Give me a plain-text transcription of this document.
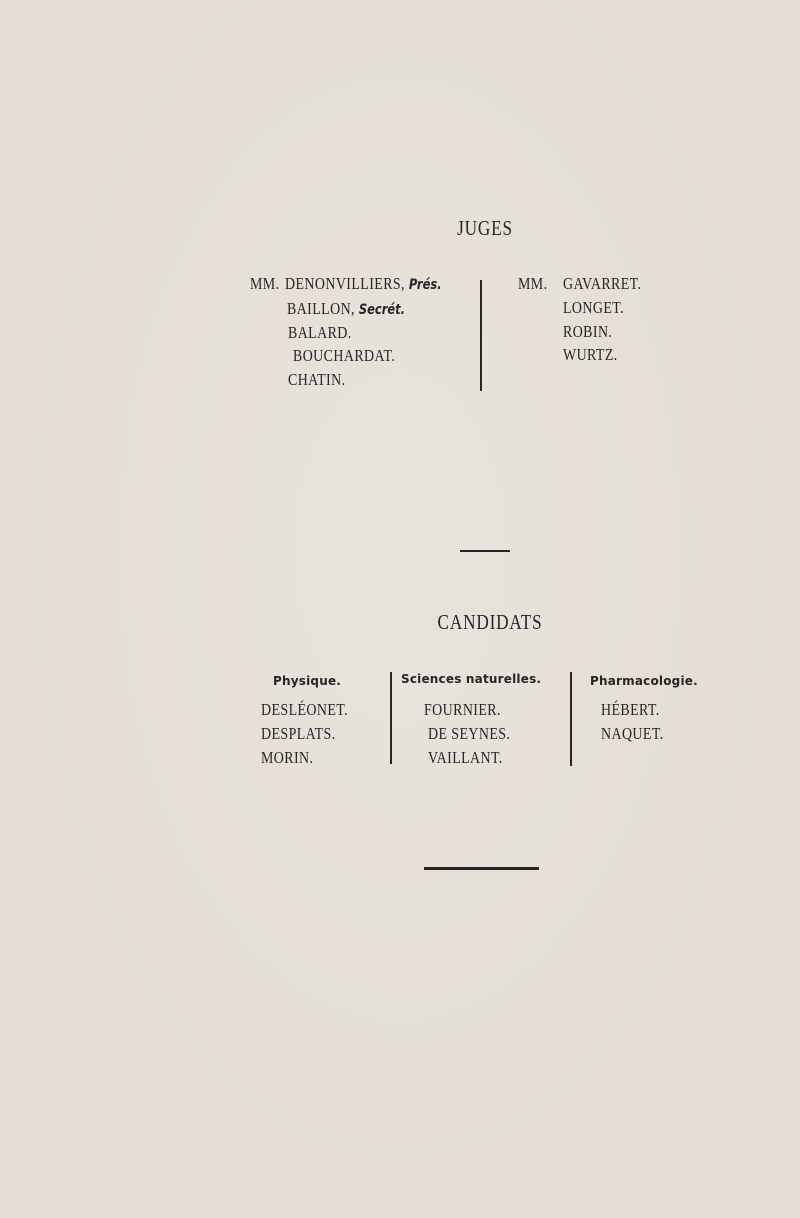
JUGES
MM. DENONVILLIERS, Prés.
BAILLON, Secrét.
BALARD.
BOUCHARDAT.
CHATIN.
MM. GAVARRET.
LONGET.
ROBIN.
WURTZ.
CANDIDATS
Physique.	Sciences naturelles.	Pharmacologie.
DESLÉONET.
DESPLATS.
MORIN.
FOURNIER.
DE SEYNES.
VAILLANT.
HÉBERT.
NAQUET.
